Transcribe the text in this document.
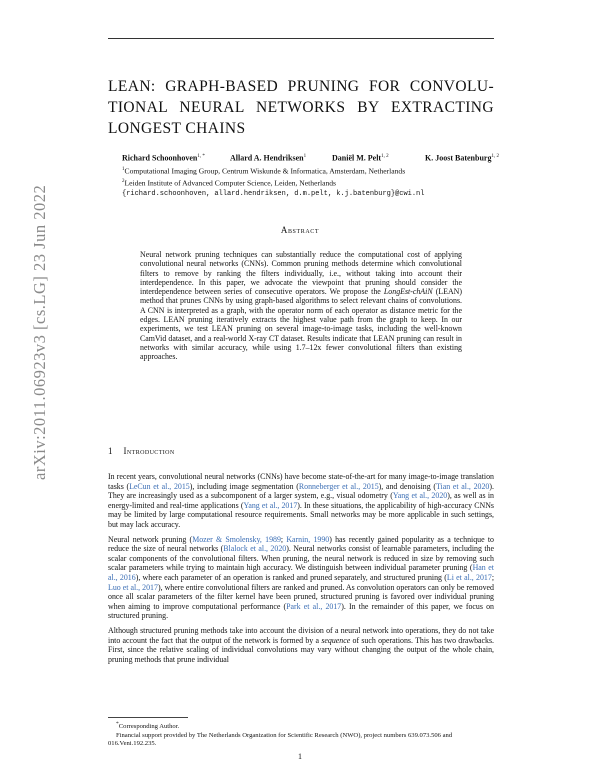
arXiv:2011.06923v3 [cs.LG] 23 Jun 2022
LEAN: GRAPH-BASED PRUNING FOR CONVOLU-
TIONAL NEURAL NETWORKS BY EXTRACTING
LONGEST CHAINS
Richard Schoonhoven$^{1, *}$	Allard A. Hendriksen$^1$	Daniël M. Pelt$^{1, 2}$	K. Joost Batenburg$^{1, 2}$
$^1$Computational Imaging Group, Centrum Wiskunde & Informatica, Amsterdam, Netherlands
$^2$Leiden Institute of Advanced Computer Science, Leiden, Netherlands
{richard.schoonhoven, allard.hendriksen, d.m.pelt, k.j.batenburg}@cwi.nl
Abstract
Neural network pruning techniques can substantially reduce the computational cost of applying convolutional neural networks (CNNs). Common pruning methods determine which convolutional filters to remove by ranking the filters individually, i.e., without taking into account their interdependence. In this paper, we advocate the viewpoint that pruning should consider the interdependence between series of consecutive operators. We propose the LongEst-chAiN (LEAN) method that prunes CNNs by using graph-based algorithms to select relevant chains of convolutions. A CNN is interpreted as a graph, with the operator norm of each operator as distance metric for the edges. LEAN pruning iteratively extracts the highest value path from the graph to keep. In our experiments, we test LEAN pruning on several image-to-image tasks, including the well-known CamVid dataset, and a real-world X-ray CT dataset. Results indicate that LEAN pruning can result in networks with similar accuracy, while using 1.7–12x fewer convolutional filters than existing approaches.
1 Introduction

In recent years, convolutional neural networks (CNNs) have become state-of-the-art for many image-to-image translation tasks (LeCun et al., 2015), including image segmentation (Ronneberger et al., 2015), and denoising (Tian et al., 2020). They are increasingly used as a subcomponent of a larger system, e.g., visual odometry (Yang et al., 2020), as well as in energy-limited and real-time applications (Yang et al., 2017). In these situations, the applicability of high-accuracy CNNs may be limited by large computational resource requirements. Small networks may be more applicable in such settings, but may lack accuracy.

Neural network pruning (Mozer & Smolensky, 1989; Karnin, 1990) has recently gained popularity as a technique to reduce the size of neural networks (Blalock et al., 2020). Neural networks consist of learnable parameters, including the scalar components of the convolutional filters. When pruning, the neural network is reduced in size by removing such scalar parameters while trying to maintain high accuracy. We distinguish between individual parameter pruning (Han et al., 2016), where each parameter of an operation is ranked and pruned separately, and structured pruning (Li et al., 2017; Luo et al., 2017), where entire convolutional filters are ranked and pruned. As convolution operators can only be removed once all scalar parameters of the filter kernel have been pruned, structured pruning is favored over individual pruning when aiming to improve computational performance (Park et al., 2017). In the remainder of this paper, we focus on structured pruning.

Although structured pruning methods take into account the division of a neural network into operations, they do not take into account the fact that the output of the network is formed by a sequence of such operations. This has two drawbacks. First, since the relative scaling of individual convolutions may vary without changing the output of the whole chain, pruning methods that prune individual

*Corresponding Author.
Financial support provided by The Netherlands Organization for Scientific Research (NWO), project numbers 639.073.506 and 016.Veni.192.235.
1
